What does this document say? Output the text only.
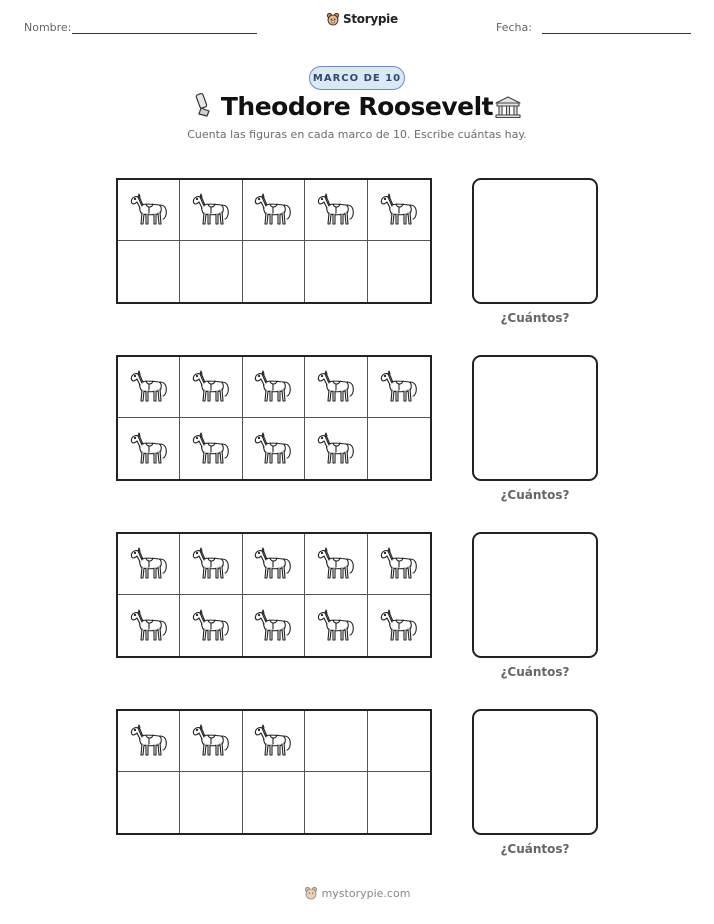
Nombre:
Storypie
Fecha:
MARCO DE 10
Theodore Roosevelt
Cuenta las figuras en cada marco de 10. Escribe cuántas hay.
¿Cuántos?
¿Cuántos?
¿Cuántos?
¿Cuántos?
mystorypie.com
